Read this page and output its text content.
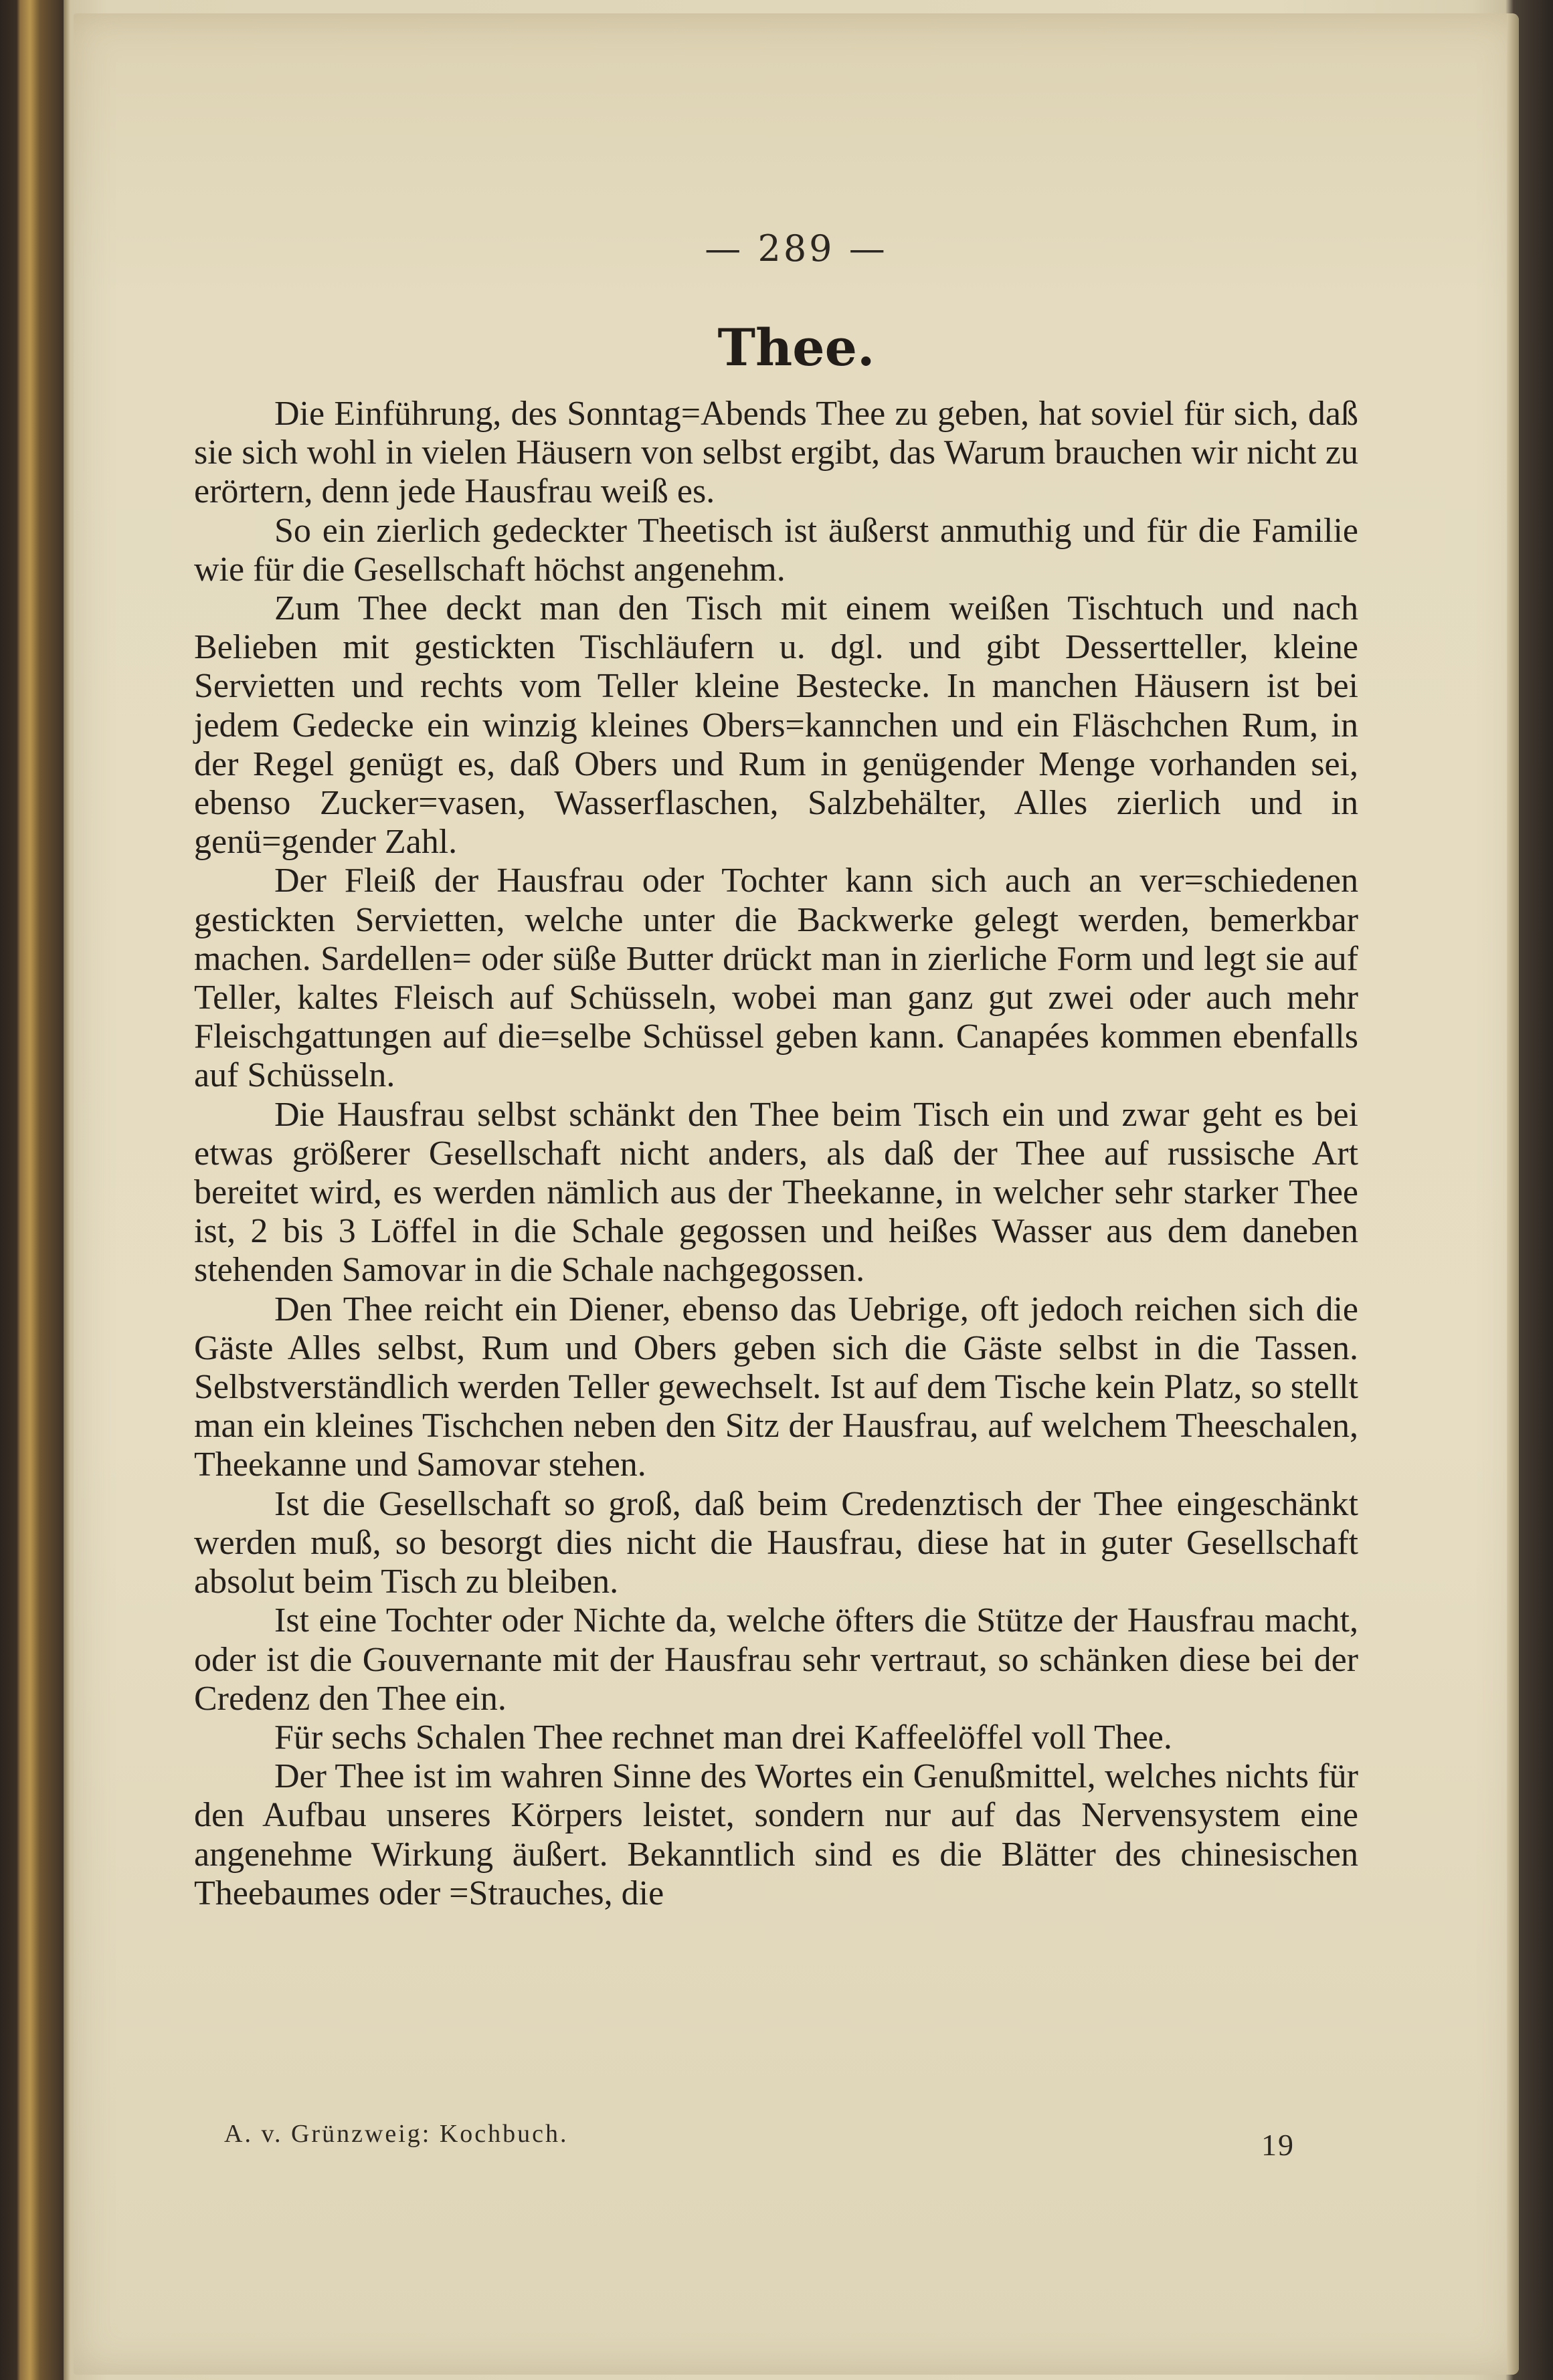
— 289 —
Thee.

Die Einführung, des Sonntag=Abends Thee zu geben, hat soviel für sich, daß sie sich wohl in vielen Häusern von selbst ergibt, das Warum brauchen wir nicht zu erörtern, denn jede Hausfrau weiß es.

So ein zierlich gedeckter Theetisch ist äußerst anmuthig und für die Familie wie für die Gesellschaft höchst angenehm.

Zum Thee deckt man den Tisch mit einem weißen Tischtuch und nach Belieben mit gestickten Tischläufern u. dgl. und gibt Dessertteller, kleine Servietten und rechts vom Teller kleine Bestecke. In manchen Häusern ist bei jedem Gedecke ein winzig kleines Obers=kannchen und ein Fläschchen Rum, in der Regel genügt es, daß Obers und Rum in genügender Menge vorhanden sei, ebenso Zucker=vasen, Wasserflaschen, Salzbehälter, Alles zierlich und in genü=gender Zahl.

Der Fleiß der Hausfrau oder Tochter kann sich auch an ver=schiedenen gestickten Servietten, welche unter die Backwerke gelegt werden, bemerkbar machen. Sardellen= oder süße Butter drückt man in zierliche Form und legt sie auf Teller, kaltes Fleisch auf Schüsseln, wobei man ganz gut zwei oder auch mehr Fleischgattungen auf die=selbe Schüssel geben kann. Canapées kommen ebenfalls auf Schüsseln.

Die Hausfrau selbst schänkt den Thee beim Tisch ein und zwar geht es bei etwas größerer Gesellschaft nicht anders, als daß der Thee auf russische Art bereitet wird, es werden nämlich aus der Theekanne, in welcher sehr starker Thee ist, 2 bis 3 Löffel in die Schale gegossen und heißes Wasser aus dem daneben stehenden Samovar in die Schale nachgegossen.

Den Thee reicht ein Diener, ebenso das Uebrige, oft jedoch reichen sich die Gäste Alles selbst, Rum und Obers geben sich die Gäste selbst in die Tassen. Selbstverständlich werden Teller gewechselt. Ist auf dem Tische kein Platz, so stellt man ein kleines Tischchen neben den Sitz der Hausfrau, auf welchem Theeschalen, Theekanne und Samovar stehen.

Ist die Gesellschaft so groß, daß beim Credenztisch der Thee eingeschänkt werden muß, so besorgt dies nicht die Hausfrau, diese hat in guter Gesellschaft absolut beim Tisch zu bleiben.

Ist eine Tochter oder Nichte da, welche öfters die Stütze der Hausfrau macht, oder ist die Gouvernante mit der Hausfrau sehr vertraut, so schänken diese bei der Credenz den Thee ein.

Für sechs Schalen Thee rechnet man drei Kaffeelöffel voll Thee.

Der Thee ist im wahren Sinne des Wortes ein Genußmittel, welches nichts für den Aufbau unseres Körpers leistet, sondern nur auf das Nervensystem eine angenehme Wirkung äußert. Bekanntlich sind es die Blätter des chinesischen Theebaumes oder =Strauches, die

A. v. Grünzweig: Kochbuch.	19
